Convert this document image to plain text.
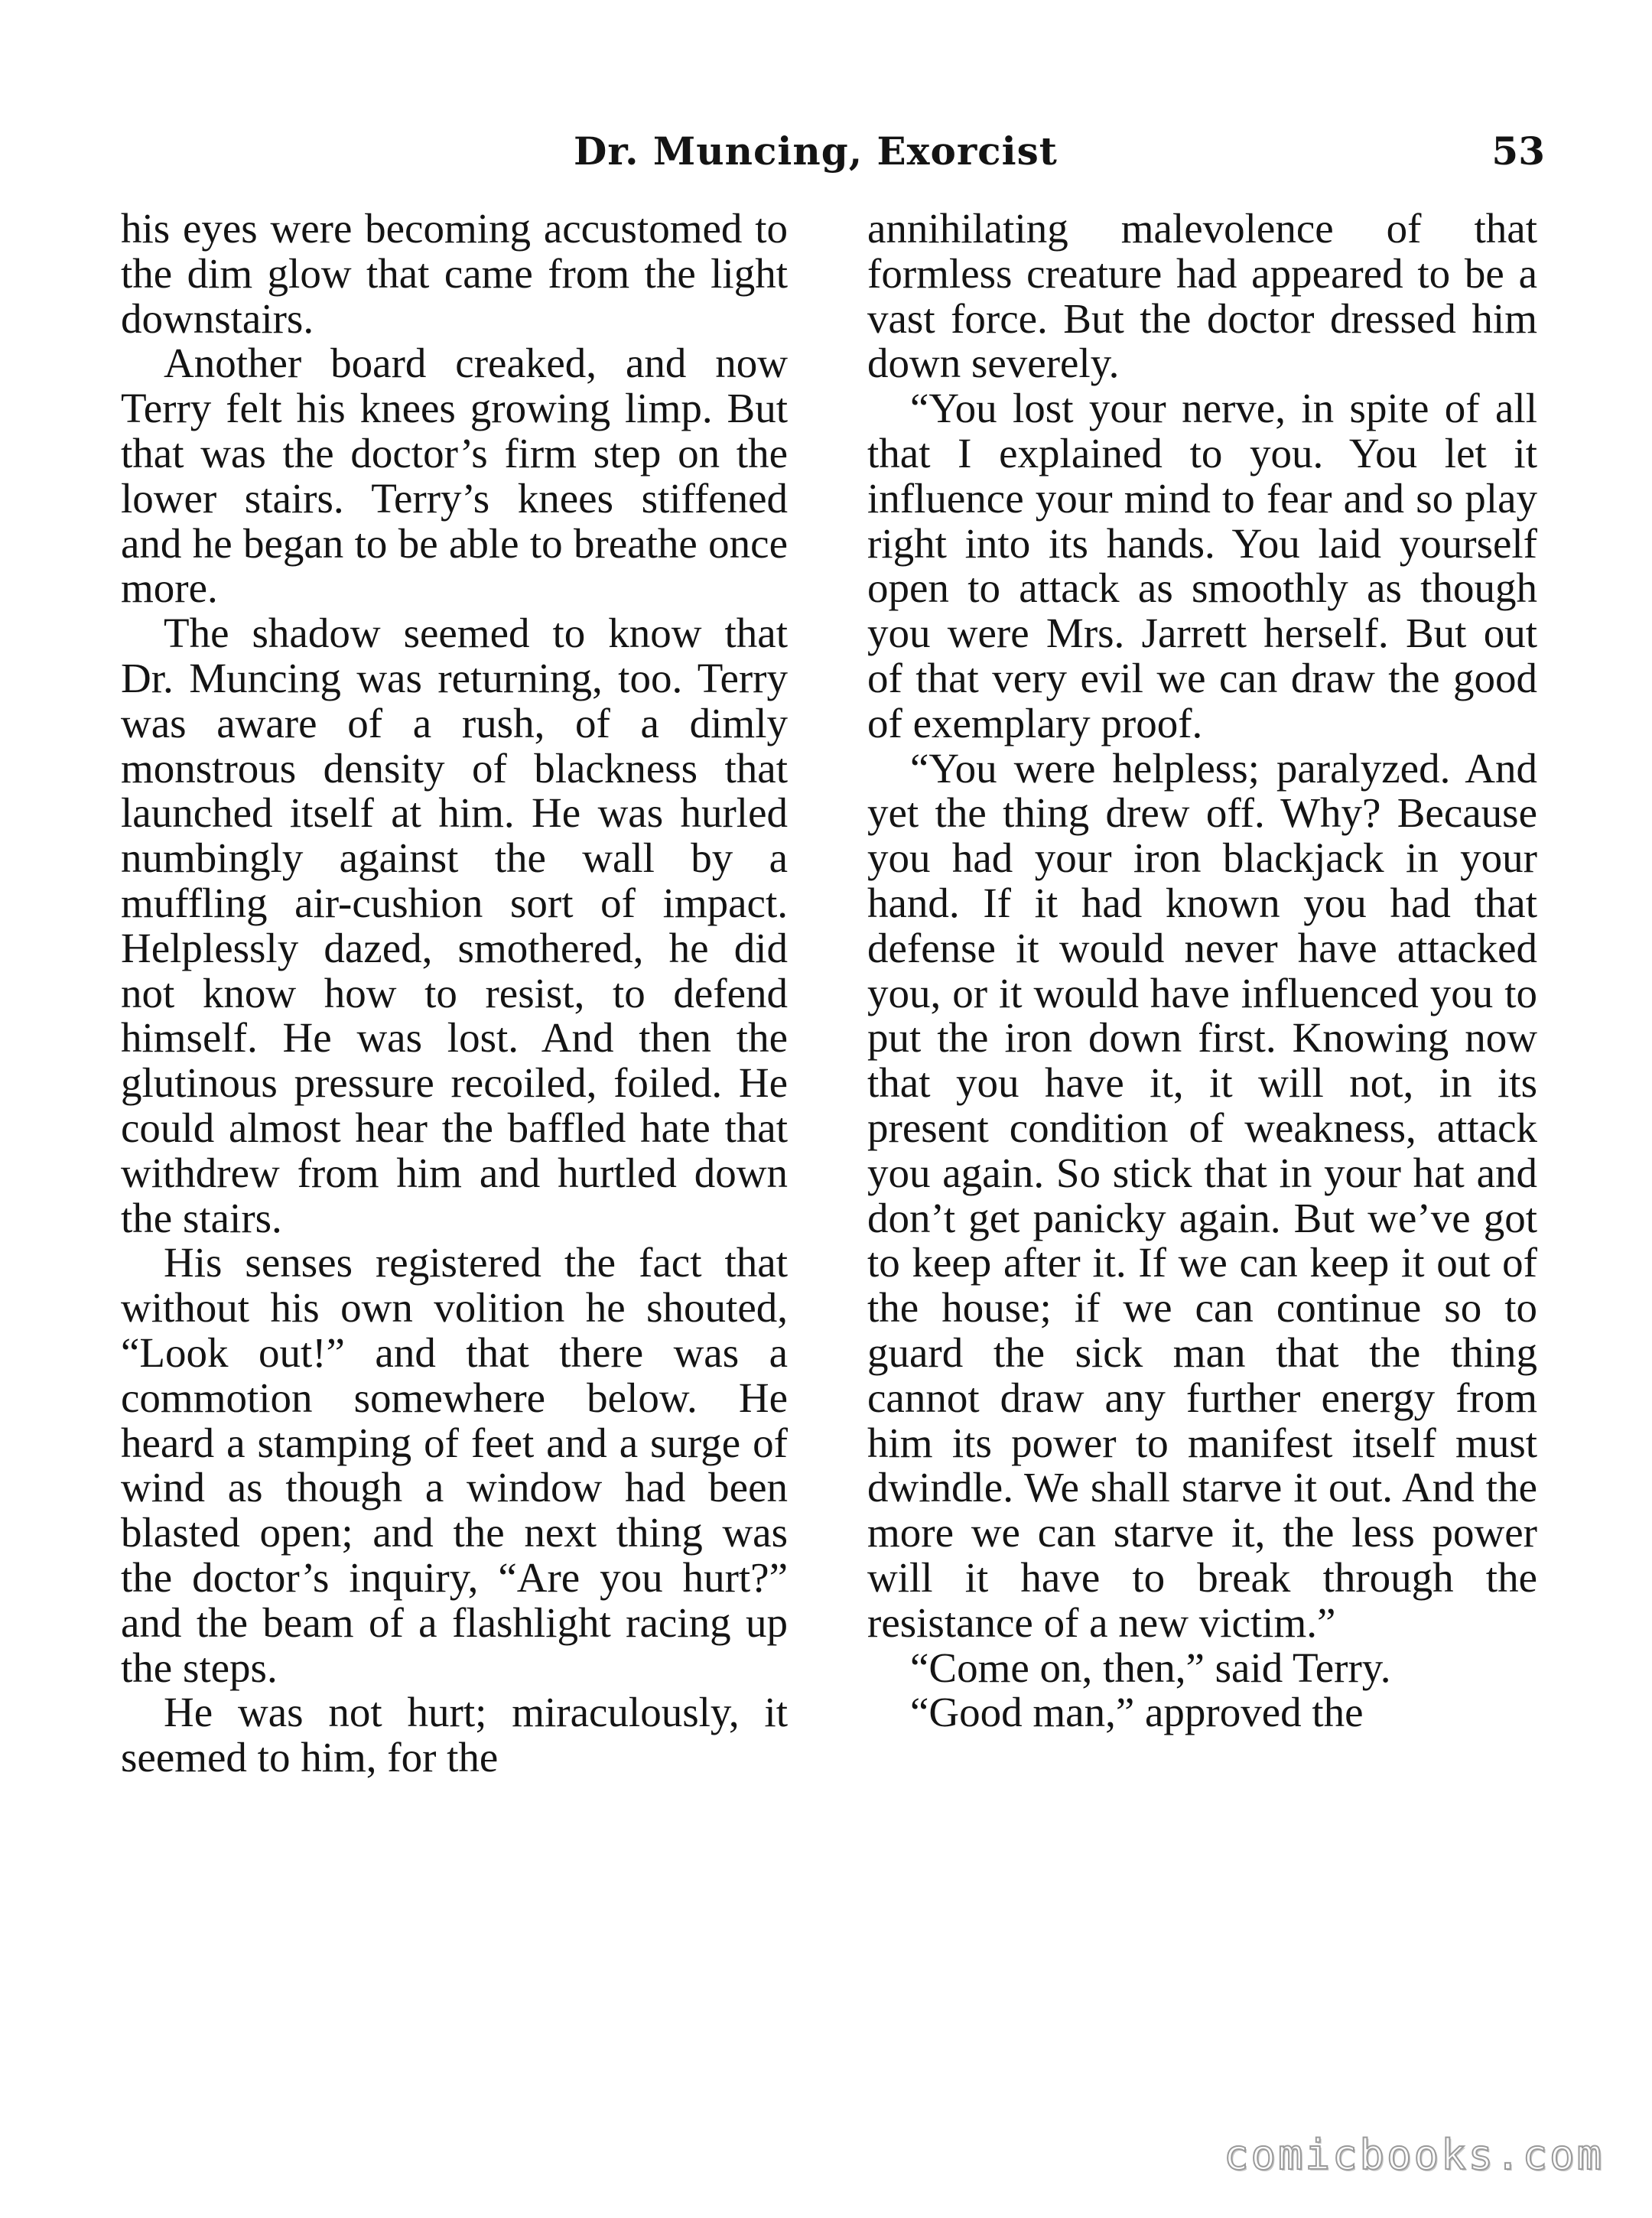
Dr. Muncing, Exorcist	53

his eyes were becoming accustomed to the dim glow that came from the light downstairs.

Another board creaked, and now Terry felt his knees growing limp. But that was the doctor’s firm step on the lower stairs. Terry’s knees stiffened and he began to be able to breathe once more.

The shadow seemed to know that Dr. Muncing was returning, too. Terry was aware of a rush, of a dimly monstrous density of blackness that launched itself at him. He was hurled numbingly against the wall by a muffling air-cushion sort of impact. Helplessly dazed, smothered, he did not know how to resist, to defend himself. He was lost. And then the glutinous pressure recoiled, foiled. He could almost hear the baffled hate that withdrew from him and hurtled down the stairs.

His senses registered the fact that without his own volition he shouted, “Look out!” and that there was a commotion somewhere below. He heard a stamping of feet and a surge of wind as though a window had been blasted open; and the next thing was the doctor’s inquiry, “Are you hurt?” and the beam of a flashlight racing up the steps.

He was not hurt; miraculously, it seemed to him, for the

annihilating malevolence of that formless creature had appeared to be a vast force. But the doctor dressed him down severely.

“You lost your nerve, in spite of all that I explained to you. You let it influence your mind to fear and so play right into its hands. You laid yourself open to attack as smoothly as though you were Mrs. Jarrett herself. But out of that very evil we can draw the good of exemplary proof.

“You were helpless; paralyzed. And yet the thing drew off. Why? Because you had your iron blackjack in your hand. If it had known you had that defense it would never have attacked you, or it would have influenced you to put the iron down first. Knowing now that you have it, it will not, in its present condition of weakness, attack you again. So stick that in your hat and don’t get panicky again. But we’ve got to keep after it. If we can keep it out of the house; if we can continue so to guard the sick man that the thing cannot draw any further energy from him its power to manifest itself must dwindle. We shall starve it out. And the more we can starve it, the less power will it have to break through the resistance of a new victim.”

“Come on, then,” said Terry.

“Good man,” approved the

comicbooks.com
